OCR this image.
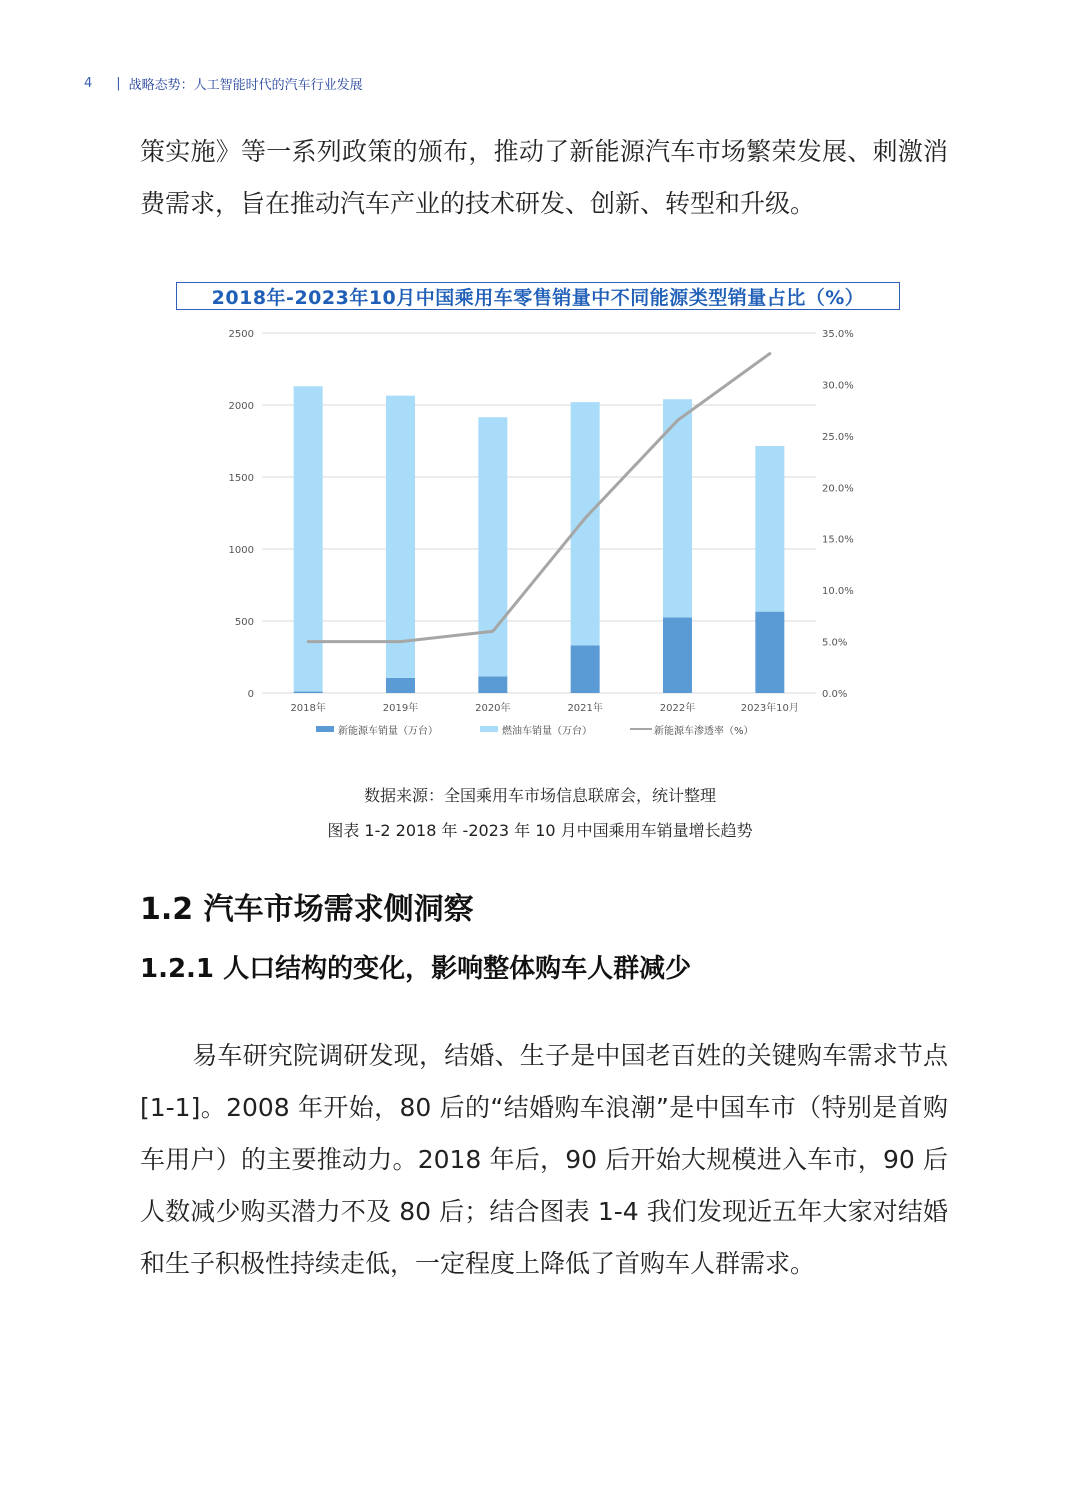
4 | 战略态势：人工智能时代的汽车行业发展

策实施》等一系列政策的颁布，推动了新能源汽车市场繁荣发展、刺激消费需求，旨在推动汽车产业的技术研发、创新、转型和升级。

2018年-2023年10月中国乘用车零售销量中不同能源类型销量占比（%）
0
500
1000
1500
2000
2500
0.0%
5.0%
10.0%
15.0%
20.0%
25.0%
30.0%
35.0%
2018年	2019年	2020年	2021年	2022年	2023年10月
新能源车销量（万台）	燃油车销量（万台）	新能源车渗透率（%）
数据来源：全国乘用车市场信息联席会，统计整理
图表 1-2 2018 年 -2023 年 10 月中国乘用车销量增长趋势
1.2 汽车市场需求侧洞察
1.2.1 人口结构的变化，影响整体购车人群减少

易车研究院调研发现，结婚、生子是中国老百姓的关键购车需求节点 [1-1]。2008 年开始，80 后的“结婚购车浪潮”是中国车市（特别是首购车用户）的主要推动力。2018 年后，90 后开始大规模进入车市，90 后人数减少购买潜力不及 80 后；结合图表 1-4 我们发现近五年大家对结婚和生子积极性持续走低，一定程度上降低了首购车人群需求。
